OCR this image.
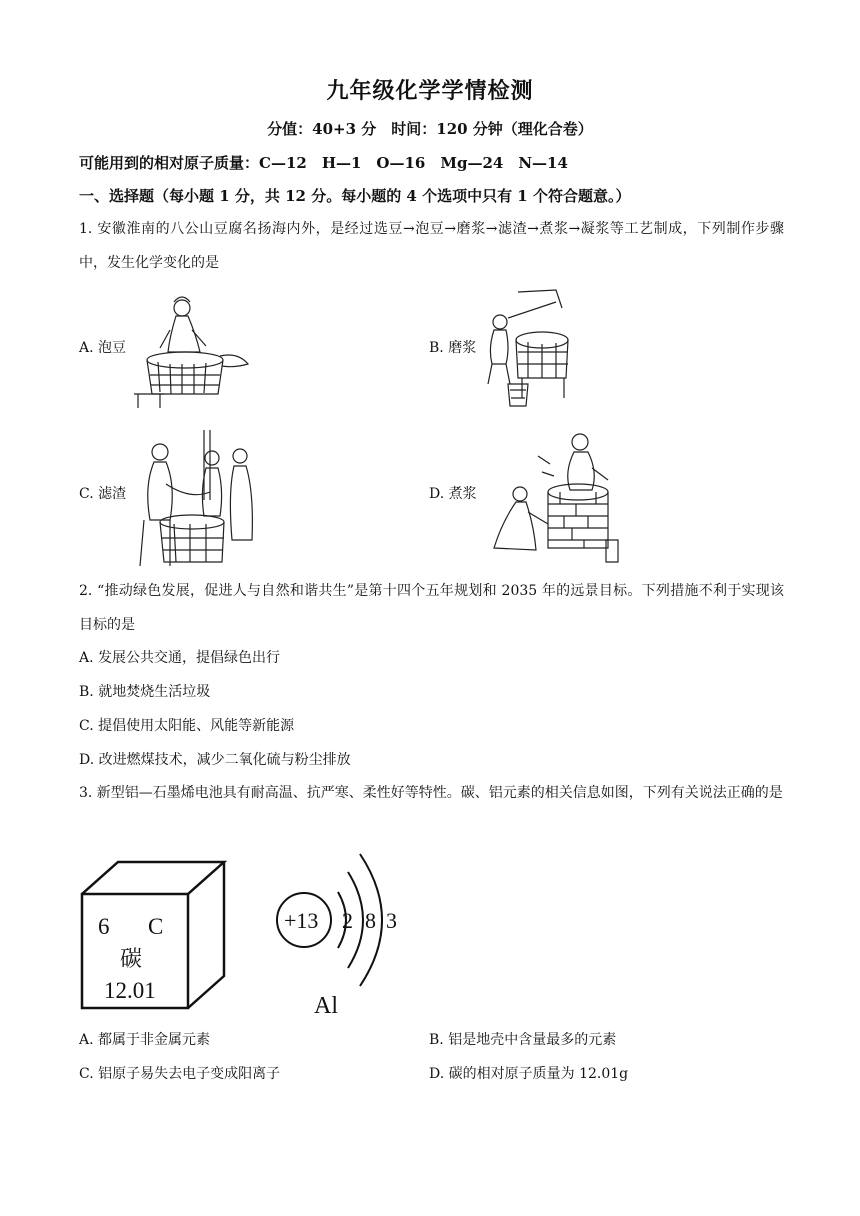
九年级化学学情检测
分值：40+3 分　时间：120 分钟（理化合卷）
可能用到的相对原子质量：C—12　H—1　O—16　Mg—24　N—14
一、选择题（每小题 1 分，共 12 分。每小题的 4 个选项中只有 1 个符合题意。）
1. 安徽淮南的八公山豆腐名扬海内外，是经过选豆→泡豆→磨浆→滤渣→煮浆→凝浆等工艺制成，下列制作步骤中，发生化学变化的是
A. 泡豆	B. 磨浆
C. 滤渣	D. 煮浆
2. “推动绿色发展，促进人与自然和谐共生”是第十四个五年规划和 2035 年的远景目标。下列措施不利于实现该目标的是
A. 发展公共交通，提倡绿色出行
B. 就地焚烧生活垃圾
C. 提倡使用太阳能、风能等新能源
D. 改进燃煤技术，减少二氧化硫与粉尘排放
3. 新型铝—石墨烯电池具有耐高温、抗严寒、柔性好等特性。碳、铝元素的相关信息如图，下列有关说法正确的是
6 C
碳
12.01
+13 2 8 3
Al
A. 都属于非金属元素	B. 铝是地壳中含量最多的元素
C. 铝原子易失去电子变成阳离子	D. 碳的相对原子质量为 12.01g
